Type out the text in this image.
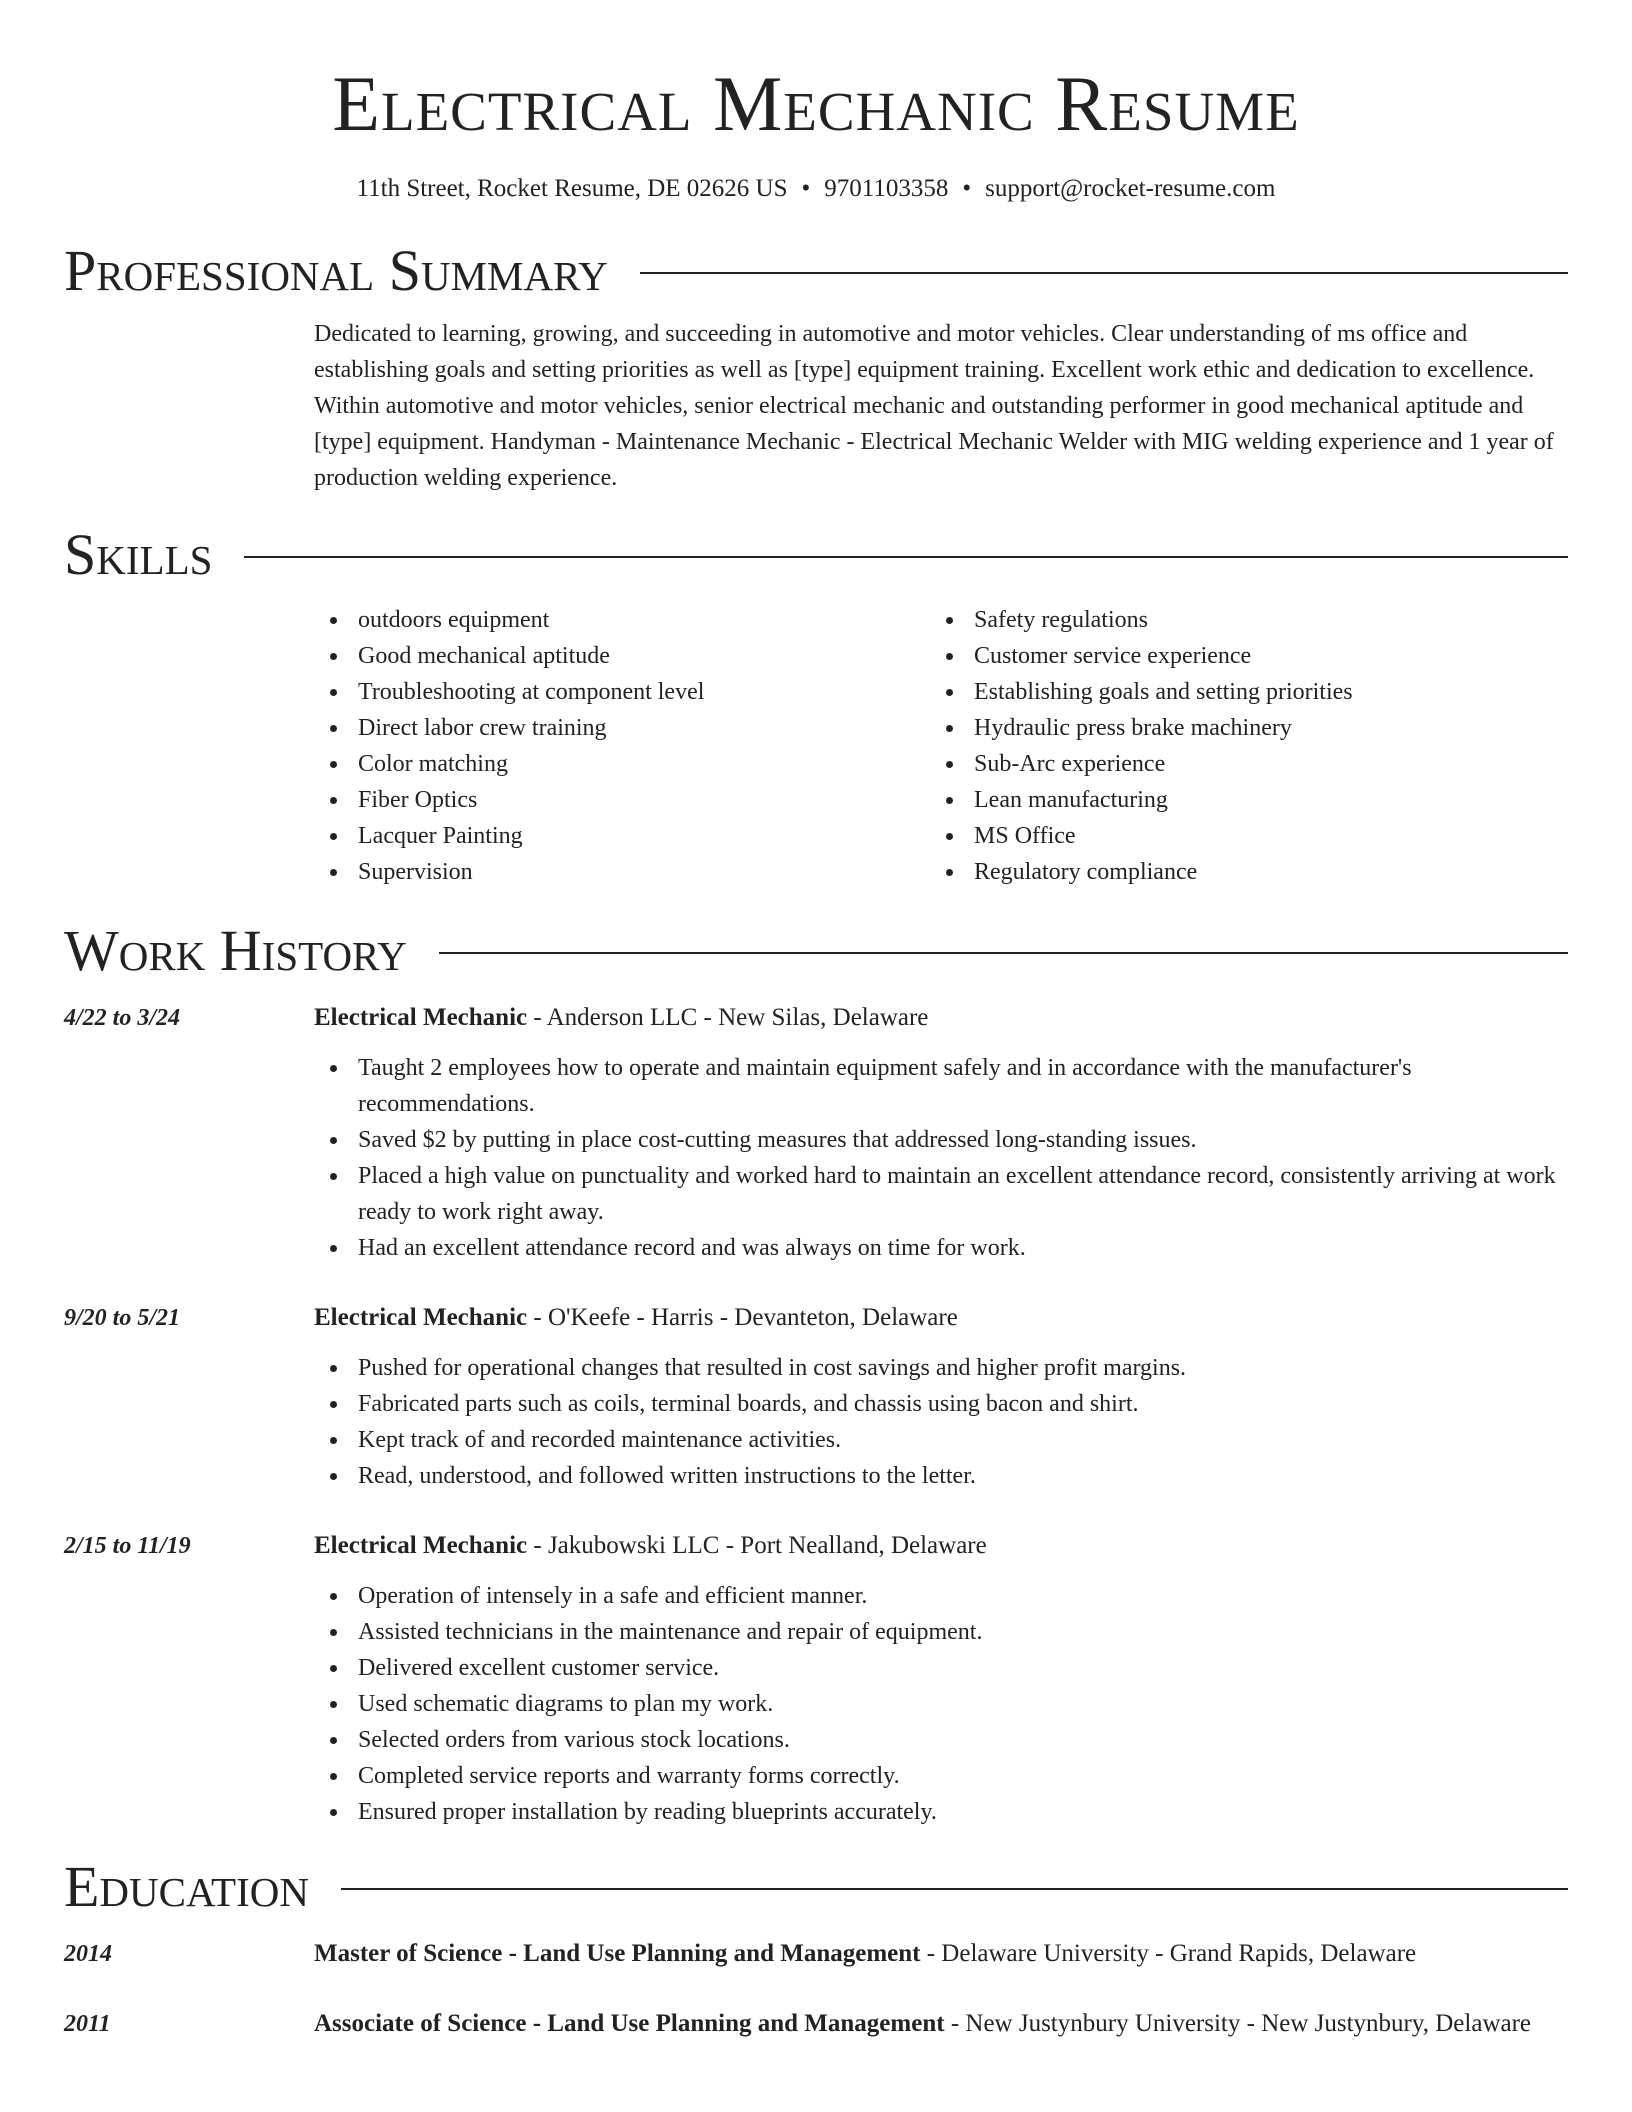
Electrical Mechanic Resume
11th Street, Rocket Resume, DE 02626 US • 9701103358 • support@rocket-resume.com
Professional Summary
Dedicated to learning, growing, and succeeding in automotive and motor vehicles. Clear understanding of ms office and establishing goals and setting priorities as well as [type] equipment training. Excellent work ethic and dedication to excellence. Within automotive and motor vehicles, senior electrical mechanic and outstanding performer in good mechanical aptitude and [type] equipment. Handyman - Maintenance Mechanic - Electrical Mechanic Welder with MIG welding experience and 1 year of production welding experience.
Skills
outdoors equipment
Good mechanical aptitude
Troubleshooting at component level
Direct labor crew training
Color matching
Fiber Optics
Lacquer Painting
Supervision
Safety regulations
Customer service experience
Establishing goals and setting priorities
Hydraulic press brake machinery
Sub-Arc experience
Lean manufacturing
MS Office
Regulatory compliance
Work History
4/22 to 3/24	Electrical Mechanic - Anderson LLC - New Silas, Delaware
Taught 2 employees how to operate and maintain equipment safely and in accordance with the manufacturer's recommendations.
Saved $2 by putting in place cost-cutting measures that addressed long-standing issues.
Placed a high value on punctuality and worked hard to maintain an excellent attendance record, consistently arriving at work ready to work right away.
Had an excellent attendance record and was always on time for work.
9/20 to 5/21	Electrical Mechanic - O'Keefe - Harris - Devanteton, Delaware
Pushed for operational changes that resulted in cost savings and higher profit margins.
Fabricated parts such as coils, terminal boards, and chassis using bacon and shirt.
Kept track of and recorded maintenance activities.
Read, understood, and followed written instructions to the letter.
2/15 to 11/19	Electrical Mechanic - Jakubowski LLC - Port Nealland, Delaware
Operation of intensely in a safe and efficient manner.
Assisted technicians in the maintenance and repair of equipment.
Delivered excellent customer service.
Used schematic diagrams to plan my work.
Selected orders from various stock locations.
Completed service reports and warranty forms correctly.
Ensured proper installation by reading blueprints accurately.
Education
2014	Master of Science - Land Use Planning and Management - Delaware University - Grand Rapids, Delaware
2011	Associate of Science - Land Use Planning and Management - New Justynbury University - New Justynbury, Delaware
